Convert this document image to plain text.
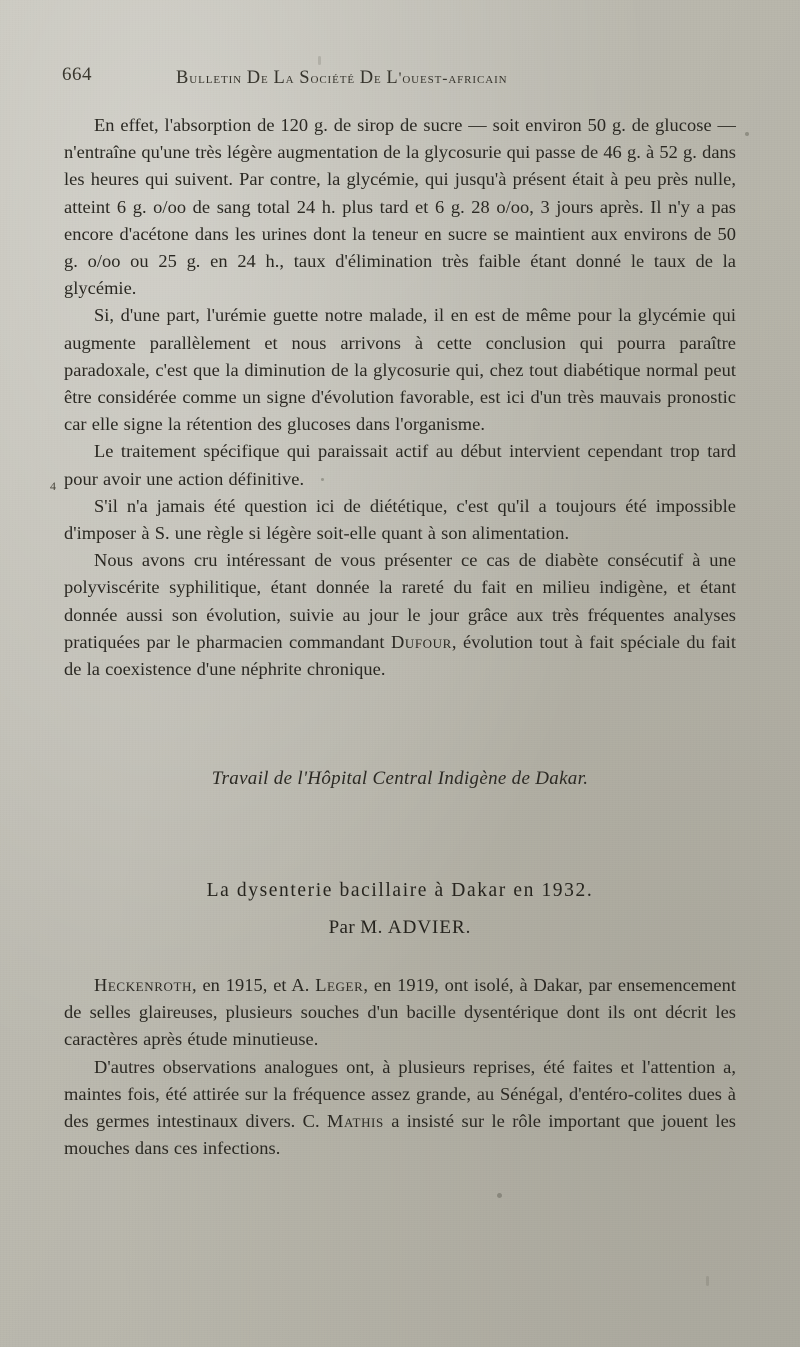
664	Bulletin De La Société De L'ouest-africain

En effet, l'absorption de 120 g. de sirop de sucre — soit environ 50 g. de glucose — n'entraîne qu'une très légère augmentation de la glycosurie qui passe de 46 g. à 52 g. dans les heures qui suivent. Par contre, la glycémie, qui jusqu'à présent était à peu près nulle, atteint 6 g. o/oo de sang total 24 h. plus tard et 6 g. 28 o/oo, 3 jours après. Il n'y a pas encore d'acétone dans les urines dont la teneur en sucre se maintient aux environs de 50 g. o/oo ou 25 g. en 24 h., taux d'élimination très faible étant donné le taux de la glycémie.

Si, d'une part, l'urémie guette notre malade, il en est de même pour la glycémie qui augmente parallèlement et nous arrivons à cette conclusion qui pourra paraître paradoxale, c'est que la diminution de la glycosurie qui, chez tout diabétique normal peut être considérée comme un signe d'évolution favorable, est ici d'un très mauvais pronostic car elle signe la rétention des glucoses dans l'organisme.

Le traitement spécifique qui paraissait actif au début intervient cependant trop tard pour avoir une action définitive.

S'il n'a jamais été question ici de diététique, c'est qu'il a toujours été impossible d'imposer à S. une règle si légère soit-elle quant à son alimentation.

Nous avons cru intéressant de vous présenter ce cas de diabète consécutif à une polyviscérite syphilitique, étant donnée la rareté du fait en milieu indigène, et étant donnée aussi son évolution, suivie au jour le jour grâce aux très fréquentes analyses pratiquées par le pharmacien commandant Dufour, évolution tout à fait spéciale du fait de la coexistence d'une néphrite chronique.

4
Travail de l'Hôpital Central Indigène de Dakar.
La dysenterie bacillaire à Dakar en 1932.
Par M. ADVIER.

Heckenroth, en 1915, et A. Leger, en 1919, ont isolé, à Dakar, par ensemencement de selles glaireuses, plusieurs souches d'un bacille dysentérique dont ils ont décrit les caractères après étude minutieuse.

D'autres observations analogues ont, à plusieurs reprises, été faites et l'attention a, maintes fois, été attirée sur la fréquence assez grande, au Sénégal, d'entéro-colites dues à des germes intestinaux divers. C. Mathis a insisté sur le rôle important que jouent les mouches dans ces infections.
